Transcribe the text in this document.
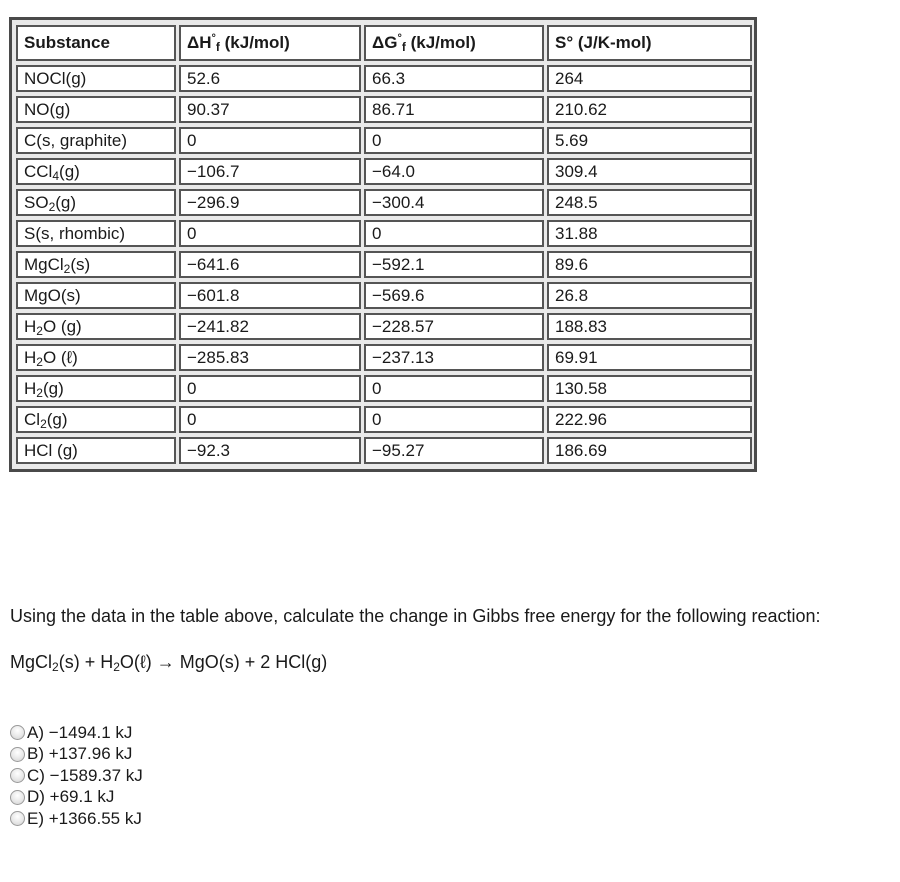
Substance	ΔH°f (kJ/mol)	ΔG°f (kJ/mol)	S° (J/K-mol)
NOCl(g)	52.6	66.3	264
NO(g)	90.37	86.71	210.62
C(s, graphite)	0	0	5.69
CCl$_4$(g)	−106.7	−64.0	309.4
$SO_2(g)$	−296.9	−300.4	248.5
S(s, rhombic)	0	0	31.88
MgCl$_2$(s)	−641.6	−592.1	89.6
MgO(s)	−601.8	−569.6	26.8
$H_2O$ (g)	−241.82	−228.57	188.83
$H_2O$ (ℓ)	−285.83	−237.13	69.91
$H_2(g)$	0	0	130.58
$Cl_2(g)$	0	0	222.96
HCl (g)	−92.3	−95.27	186.69
Using the data in the table above, calculate the change in Gibbs free energy for the following reaction:
MgCl$_2$(s) + $H_2O(\ell) \to MgO(s) + 2$ HCl(g)
A) −1494.1 kJ
B) +137.96 kJ
C) −1589.37 kJ
D) +69.1 kJ
E) +1366.55 kJ
